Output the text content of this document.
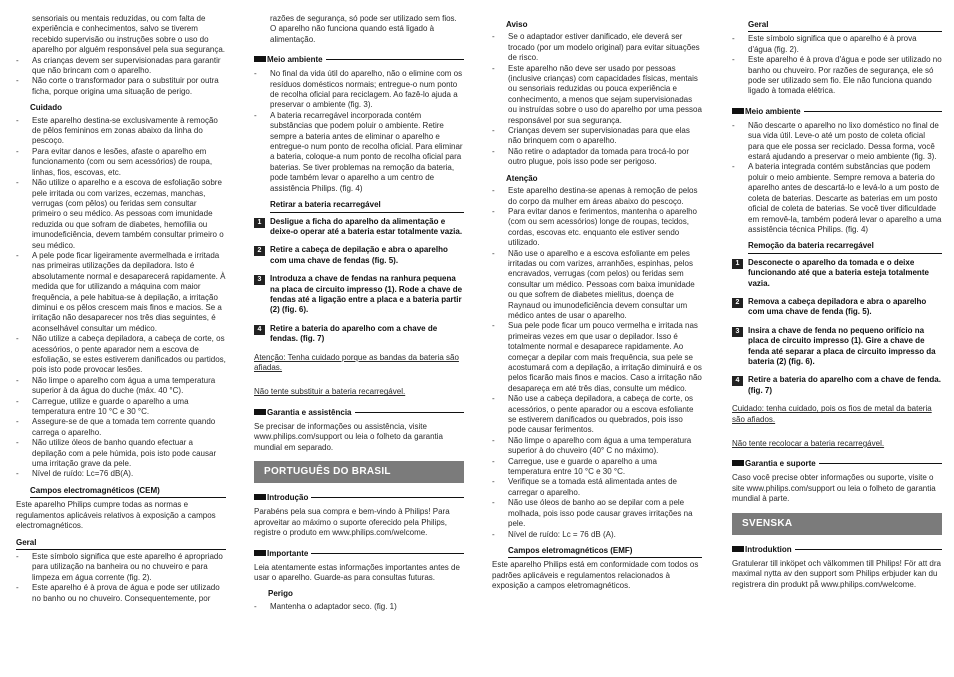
sensoriais ou mentais reduzidas, ou com falta de experiência e conhecimentos, salvo se tiverem recebido supervisão ou instruções sobre o uso do aparelho por alguém responsável pela sua segurança.
- As crianças devem ser supervisionadas para garantir que não brincam com o aparelho.
- Não corte o transformador para o substituir por outra ficha, porque origina uma situação de perigo.
Cuidado
- Este aparelho destina-se exclusivamente à remoção de pêlos femininos em zonas abaixo da linha do pescoço.
- Para evitar danos e lesões, afaste o aparelho em funcionamento (com ou sem acessórios) de roupa, linhas, fios, escovas, etc.
- Não utilize o aparelho e a escova de esfoliação sobre pele irritada ou com varizes, eczemas, manchas, verrugas (com pêlos) ou feridas sem consultar primeiro o seu médico. As pessoas com imunidade reduzida ou que sofram de diabetes, hemofilia ou imunodeficiência, devem também consultar primeiro o seu médico.
- A pele pode ficar ligeiramente avermelhada e irritada nas primeiras utilizações da depiladora. Isto é absolutamente normal e desaparecerá rapidamente. À medida que for utilizando a máquina com maior frequência, a pele habitua-se à depilação, a irritação diminui e os pêlos crescem mais finos e macios. Se a irritação não desaparecer nos três dias seguintes, é aconselhável consultar um médico.
- Não utilize a cabeça depiladora, a cabeça de corte, os acessórios, o pente aparador nem a escova de esfoliação, se estes estiverem danificados ou partidos, pois isto pode provocar lesões.
- Não limpe o aparelho com água a uma temperatura superior à da água do duche (máx. 40 °C).
- Carregue, utilize e guarde o aparelho a uma temperatura entre 10 °C e 30 °C.
- Assegure-se de que a tomada tem corrente quando carrega o aparelho.
- Não utilize óleos de banho quando efectuar a depilação com a pele húmida, pois isto pode causar uma irritação grave da pele.
- Nível de ruído: Lc=76 dB(A).
Campos electromagnéticos (CEM)

Este aparelho Philips cumpre todas as normas e regulamentos aplicáveis relativos à exposição a campos electromagnéticos.

Geral
- Este símbolo significa que este aparelho é apropriado para utilização na banheira ou no chuveiro e para limpeza em água corrente (fig. 2).
- Este aparelho é à prova de água e pode ser utilizado no banho ou no chuveiro. Consequentemente, por

razões de segurança, só pode ser utilizado sem fios. O aparelho não funciona quando está ligado à alimentação.

Meio ambiente
- No final da vida útil do aparelho, não o elimine com os resíduos domésticos normais; entregue-o num ponto de recolha oficial para reciclagem. Ao fazê-lo ajuda a preservar o ambiente (fig. 3).
- A bateria recarregável incorporada contém substâncias que podem poluir o ambiente. Retire sempre a bateria antes de eliminar o aparelho e entregue-o num ponto de recolha oficial. Para eliminar a bateria, coloque-a num ponto de recolha oficial para baterias. Se tiver problemas na remoção da bateria, pode também levar o aparelho a um centro de assistência Philips. (fig. 4)
Retirar a bateria recarregável
1	Desligue a ficha do aparelho da alimentação e deixe-o operar até a bateria estar totalmente vazia.
2	Retire a cabeça de depilação e abra o aparelho com uma chave de fendas (fig. 5).
3	Introduza a chave de fendas na ranhura pequena na placa de circuito impresso (1). Rode a chave de fendas até a ligação entre a placa e a bateria partir (2) (fig. 6).
4	Retire a bateria do aparelho com a chave de fendas. (fig. 7)

Atenção: Tenha cuidado porque as bandas da bateria são afiadas.

Não tente substituir a bateria recarregável.

Garantia e assistência

Se precisar de informações ou assistência, visite www.philips.com/support ou leia o folheto da garantia mundial em separado.

PORTUGUÊS DO BRASIL
Introdução

Parabéns pela sua compra e bem-vindo à Philips! Para aproveitar ao máximo o suporte oferecido pela Philips, registre o produto em www.philips.com/welcome.

Importante

Leia atentamente estas informações importantes antes de usar o aparelho. Guarde-as para consultas futuras.

Perigo
- Mantenha o adaptador seco. (fig. 1)
Aviso
- Se o adaptador estiver danificado, ele deverá ser trocado (por um modelo original) para evitar situações de risco.
- Este aparelho não deve ser usado por pessoas (inclusive crianças) com capacidades físicas, mentais ou sensoriais reduzidas ou pouca experiência e conhecimento, a menos que sejam supervisionadas ou instruídas sobre o uso do aparelho por uma pessoa responsável por sua segurança.
- Crianças devem ser supervisionadas para que elas não brinquem com o aparelho.
- Não retire o adaptador da tomada para trocá-lo por outro plugue, pois isso pode ser perigoso.
Atenção
- Este aparelho destina-se apenas à remoção de pelos do corpo da mulher em áreas abaixo do pescoço.
- Para evitar danos e ferimentos, mantenha o aparelho (com ou sem acessórios) longe de roupas, tecidos, cordas, escovas etc. enquanto ele estiver sendo utilizado.
- Não use o aparelho e a escova esfoliante em peles irritadas ou com varizes, arranhões, espinhas, pelos encravados, verrugas (com pelos) ou feridas sem consultar um médico. Pessoas com baixa imunidade ou que sofrem de diabetes mielitus, doença de Raynaud ou imunodeficiência devem consultar um médico antes de usar o aparelho.
- Sua pele pode ficar um pouco vermelha e irritada nas primeiras vezes em que usar o depilador. Isso é totalmente normal e desaparece rapidamente. Ao começar a depilar com mais frequência, sua pele se acostumará com a depilação, a irritação diminuirá e os pelos ficarão mais finos e macios. Caso a irritação não desapareça em até três dias, consulte um médico.
- Não use a cabeça depiladora, a cabeça de corte, os acessórios, o pente aparador ou a escova esfoliante se estiverem danificados ou quebrados, pois isso pode causar ferimentos.
- Não limpe o aparelho com água a uma temperatura superior à do chuveiro (40° C no máximo).
- Carregue, use e guarde o aparelho a uma temperatura entre 10 °C e 30 °C.
- Verifique se a tomada está alimentada antes de carregar o aparelho.
- Não use óleos de banho ao se depilar com a pele molhada, pois isso pode causar graves irritações na pele.
- Nível de ruído: Lc = 76 dB (A).
Campos eletromagnéticos (EMF)

Este aparelho Philips está em conformidade com todos os padrões aplicáveis e regulamentos relacionados à exposição a campos eletromagnéticos.

Geral
- Este símbolo significa que o aparelho é à prova d'água (fig. 2).
- Este aparelho é à prova d'água e pode ser utilizado no banho ou chuveiro. Por razões de segurança, ele só pode ser utilizado sem fio. Ele não funciona quando ligado à tomada elétrica.
Meio ambiente
- Não descarte o aparelho no lixo doméstico no final de sua vida útil. Leve-o até um posto de coleta oficial para que ele possa ser reciclado. Dessa forma, você estará ajudando a preservar o meio ambiente (fig. 3).
- A bateria integrada contém substâncias que podem poluir o meio ambiente. Sempre remova a bateria do aparelho antes de descartá-lo e levá-lo a um posto de coleta de baterias. Descarte as baterias em um posto oficial de coleta de baterias. Se você tiver dificuldade em removê-la, também poderá levar o aparelho a uma assistência técnica Philips. (fig. 4)
Remoção da bateria recarregável
1	Desconecte o aparelho da tomada e o deixe funcionando até que a bateria esteja totalmente vazia.
2	Remova a cabeça depiladora e abra o aparelho com uma chave de fenda (fig. 5).
3	Insira a chave de fenda no pequeno orifício na placa de circuito impresso (1). Gire a chave de fenda até separar a placa de circuito impresso da bateria (2) (fig. 6).
4	Retire a bateria do aparelho com a chave de fenda. (fig. 7)

Cuidado: tenha cuidado, pois os fios de metal da bateria são afiados.

Não tente recolocar a bateria recarregável.

Garantia e suporte

Caso você precise obter informações ou suporte, visite o site www.philips.com/support ou leia o folheto de garantia mundial à parte.

SVENSKA
Introduktion

Gratulerar till inköpet och välkommen till Philips! För att dra maximal nytta av den support som Philips erbjuder kan du registrera din produkt på www.philips.com/welcome.
